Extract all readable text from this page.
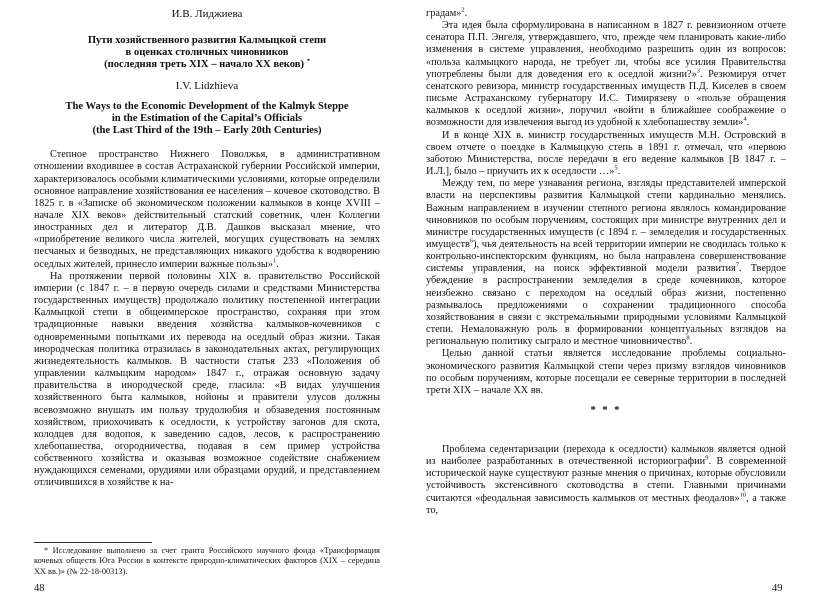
И.В. Лиджиева
Пути хозяйственного развития Калмыцкой степи
в оценках столичных чиновников
(последняя треть XIX – начало XX веков) *
I.V. Lidzhieva
The Ways to the Economic Development of the Kalmyk Steppe
in the Estimation of the Capital’s Officials
(the Last Third of the 19th – Early 20th Centuries)

Степное пространство Нижнего Поволжья, в административном отношении входившее в состав Астраханской губернии Российской империи, характеризовалось особыми климатическими условиями, которые определили основное направление хозяйствования ее населения – кочевое скотоводство. В 1825 г. в «Записке об экономическом положении калмыков в конце XVIII – начале XIX веков» действительный статский советник, член Коллегии иностранных дел и литератор Д.В. Дашков высказал мнение, что «приобретение великого числа жителей, могущих существовать на землях песчаных и безводных, не представляющих никакого удобства к водворению оседлых жителей, принесло империи важные пользы»$^1$.

На протяжении первой половины XIX в. правительство Российской империи (с 1847 г. – в первую очередь силами и средствами Министерства государственных имуществ) продолжало политику постепенной интеграции Калмыцкой степи в общеимперское пространство, сохраняя при этом традиционные навыки введения хозяйства калмыков-кочевников с одновременными попытками их перевода на оседлый образ жизни. Такая инородческая политика отразилась в законодательных актах, регулирующих жизнедеятельность калмыков. В частности статья 233 «Положения об управлении калмыцким народом» 1847 г., отражая основную задачу правительства в инородческой среде, гласила: «В видах улучшения хозяйственного быта калмыков, нойоны и правители улусов должны всевозможно внушать им пользу трудолюбия и обзаведения постоянным хозяйством, приохочивать к оседлости, к устройству загонов для скота, колодцев для водопоя, к заведению садов, лесов, к распространению хлебопашества, огородничества, подавая в сем пример устройства собственного хозяйства и оказывая возможное содействие снабжением нуждающихся семенами, орудиями или образцами орудий, и представлением отличившихся в хозяйстве к на-

* Исследование выполнено за счет гранта Российского научного фонда «Трансформация кочевых обществ Юга России в контексте природно-климатических факторов (XIX – середина XX вв.)» (№ 22-18-00313).
48

градам»$^2$.

Эта идея была сформулирована в написанном в 1827 г. ревизионном отчете сенатора П.П. Энгеля, утверждавшего, что, прежде чем планировать какие-либо изменения в системе управления, необходимо разрешить один из вопросов: «польза калмыцкого народа, не требует ли, чтобы все усилия Правительства употреблены были для доведения его к оседлой жизни?»$^3$. Резюмируя отчет сенатского ревизора, министр государственных имуществ П.Д. Киселев в своем письме Астраханскому губернатору И.С. Тимирязеву о «пользе обращения калмыков к оседлой жизни», поручил «войти в ближайшее соображение о возможности для извлечения выгод из удобной к хлебопашеству земли»$^4$.

И в конце XIX в. министр государственных имуществ М.Н. Островский в своем отчете о поездке в Калмыцкую степь в 1891 г. отмечал, что «первою заботою Министерства, после передачи в его ведение калмыков [В 1847 г. – И.Л.], было – приучить их к оседлости …»$^5$.

Между тем, по мере узнавания региона, взгляды представителей имперской власти на перспективы развития Калмыцкой степи кардинально менялись. Важным направлением в изучении степного региона являлось командирование чиновников по особым поручениям, состоящих при министре внутренних дел и министре государственных имуществ (с 1894 г. – земледелия и государственных имуществ$^6$), чья деятельность на всей территории империи не сводилась только к контрольно-инспекторским функциям, но была направлена совершенствование системы управления, на поиск эффективной модели развития$^7$. Твердое убеждение в распространении земледелия в среде кочевников, которое неизбежно связано с переходом на оседлый образ жизни, постепенно размывалось предложениями о сохранении традиционного способа хозяйствования в связи с экстремальными природными условиями Калмыцкой степи. Немаловажную роль в формировании концептуальных взглядов на региональную политику сыграло и местное чиновничество$^8$.

Целью данной статьи является исследование проблемы социально-экономического развития Калмыцкой степи через призму взглядов чиновников по особым поручениям, которые посещали ее северные территории в последней трети XIX – начале XX вв.

* * *

Проблема седентаризации (перехода к оседлости) калмыков является одной из наиболее разработанных в отечественной историографии$^9$. В современной исторической науке существуют разные мнения о причинах, которые обусловили устойчивость экстенсивного скотоводства в степи. Главными причинами считаются «феодальная зависимость калмыков от местных феодалов»$^{10}$, а также то,

49
